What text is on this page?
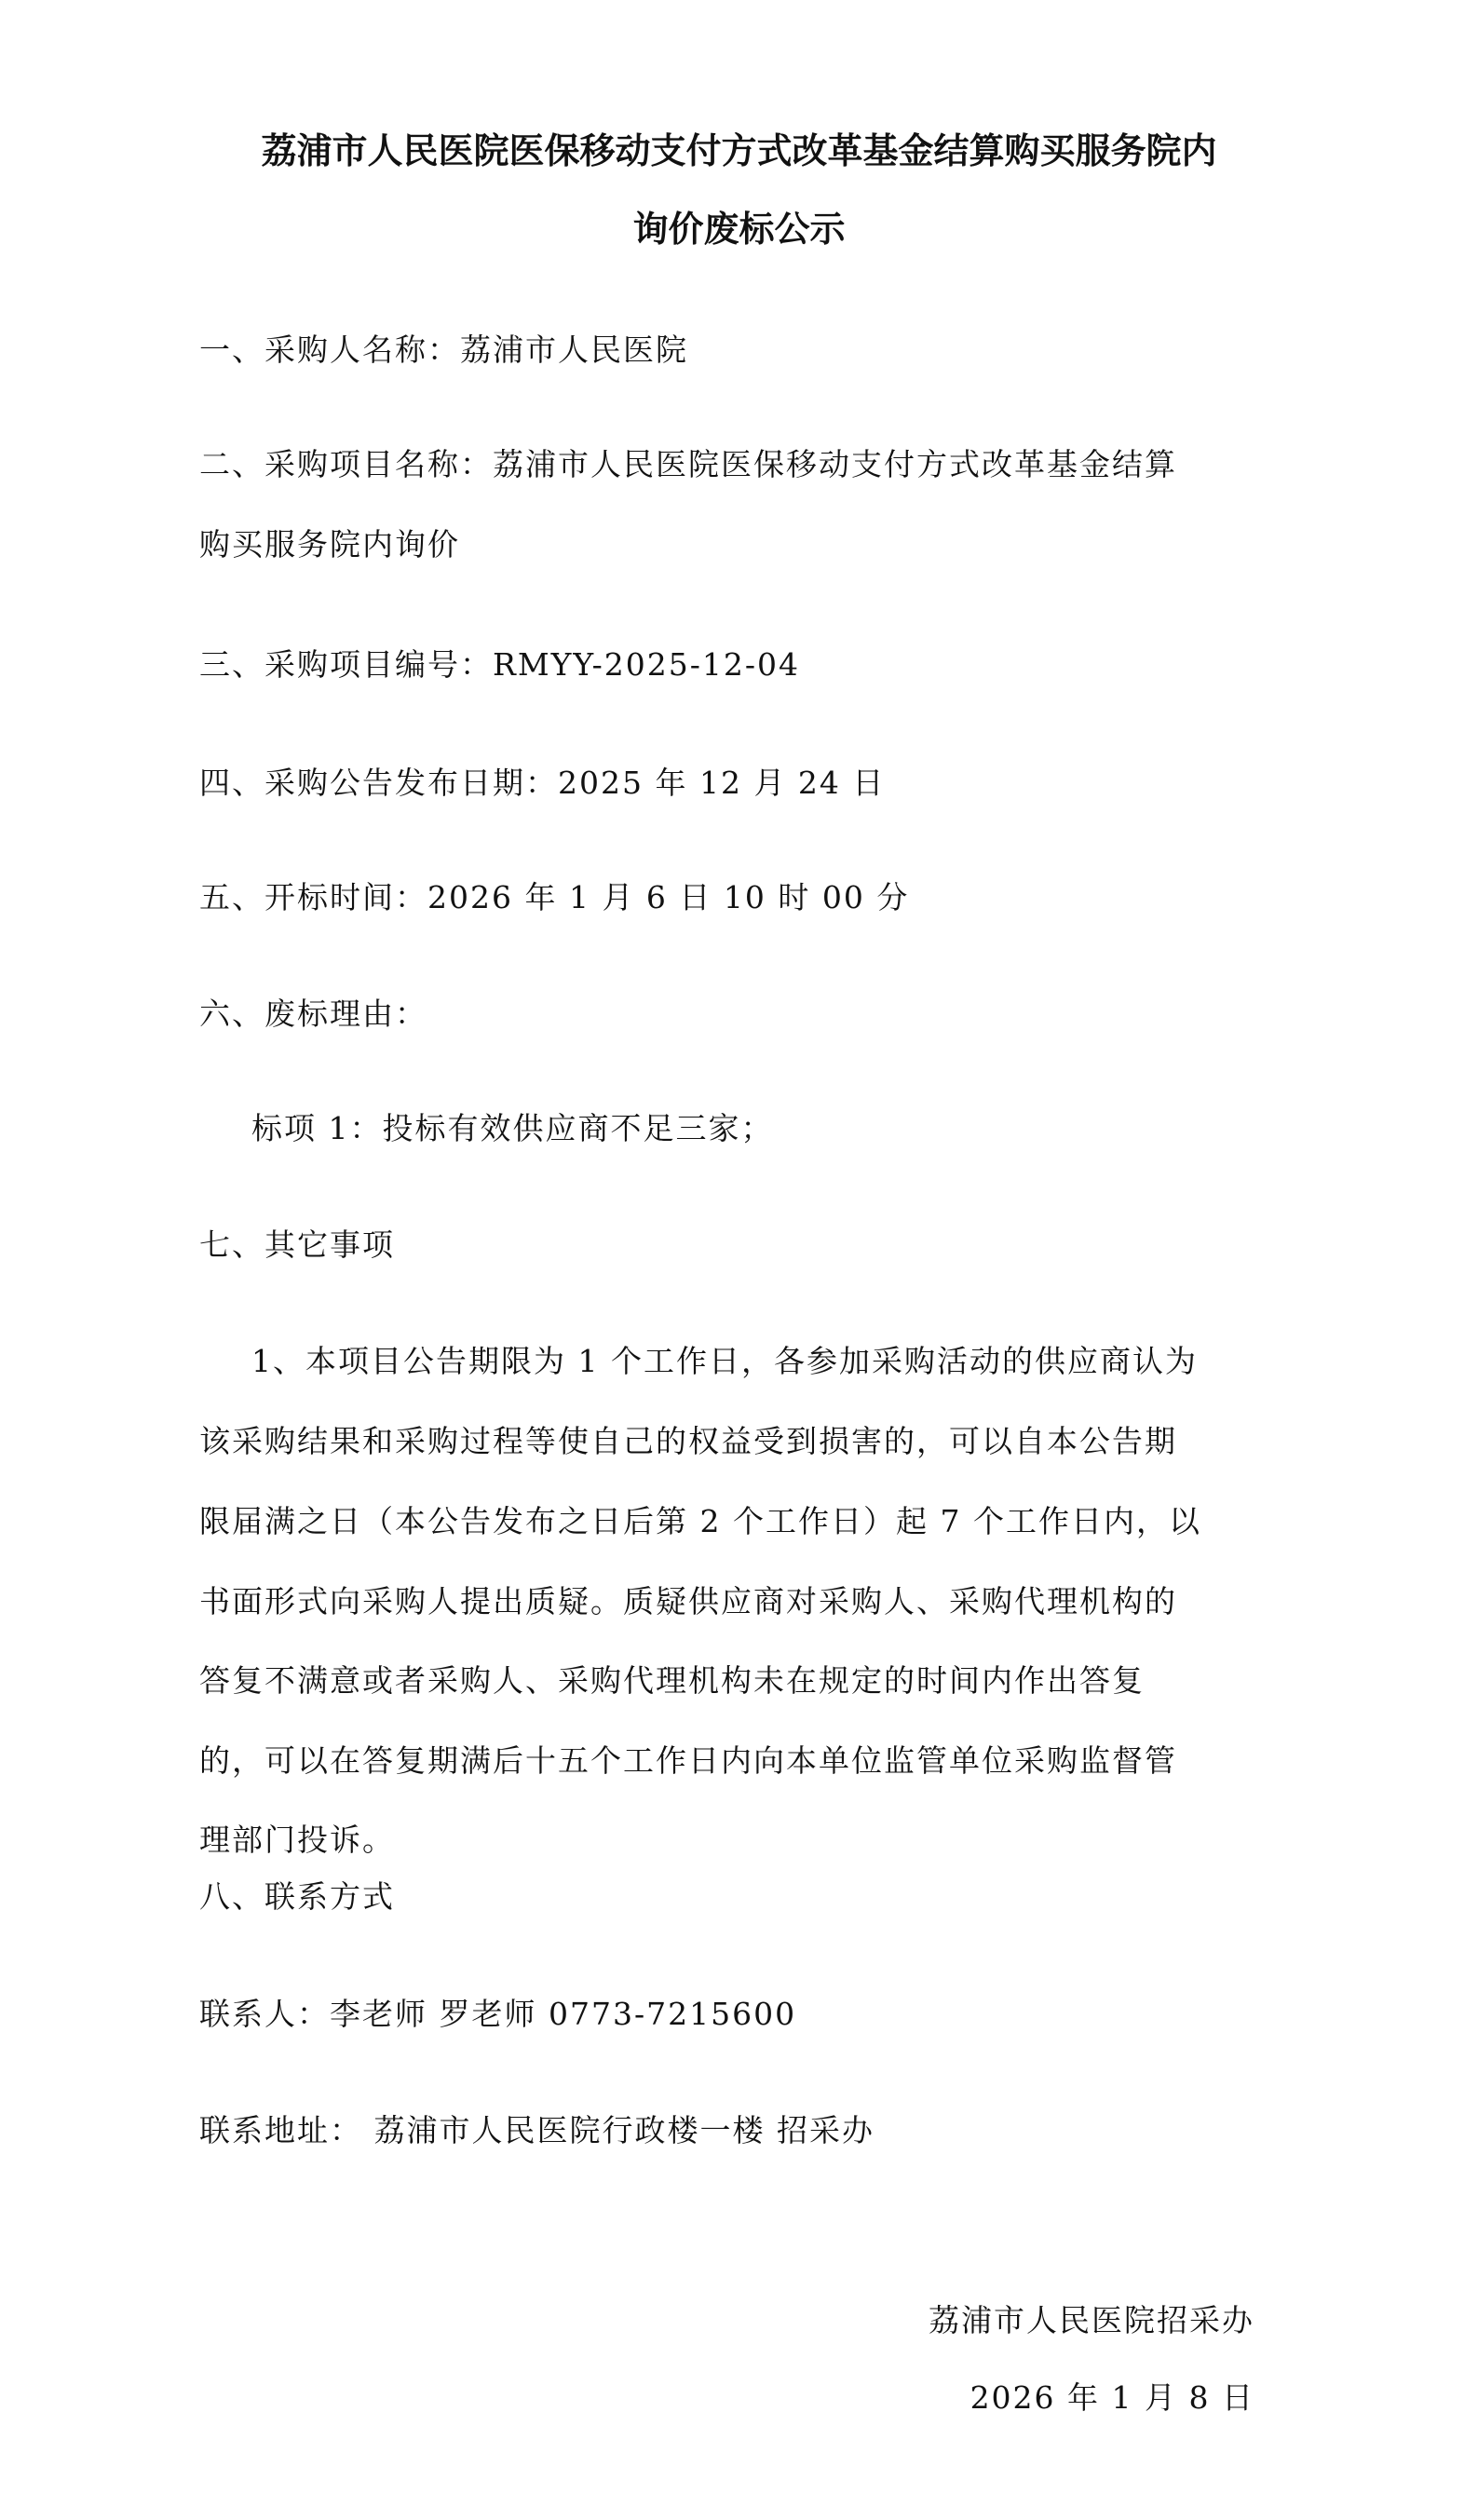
荔浦市人民医院医保移动支付方式改革基金结算购买服务院内
询价废标公示
一、采购人名称：荔浦市人民医院
二、采购项目名称：荔浦市人民医院医保移动支付方式改革基金结算
购买服务院内询价
三、采购项目编号：RMYY-2025-12-04
四、采购公告发布日期：2025 年 12 月 24 日
五、开标时间：2026 年 1 月 6 日 10 时 00 分
六、废标理由：
标项 1：投标有效供应商不足三家；
七、其它事项
1、本项目公告期限为 1 个工作日，各参加采购活动的供应商认为
该采购结果和采购过程等使自己的权益受到损害的，可以自本公告期
限届满之日（本公告发布之日后第 2 个工作日）起 7 个工作日内，以
书面形式向采购人提出质疑。质疑供应商对采购人、采购代理机构的
答复不满意或者采购人、采购代理机构未在规定的时间内作出答复
的，可以在答复期满后十五个工作日内向本单位监管单位采购监督管
理部门投诉。
八、联系方式
联系人：李老师 罗老师 0773-7215600
联系地址： 荔浦市人民医院行政楼一楼 招采办
荔浦市人民医院招采办
2026 年 1 月 8 日
